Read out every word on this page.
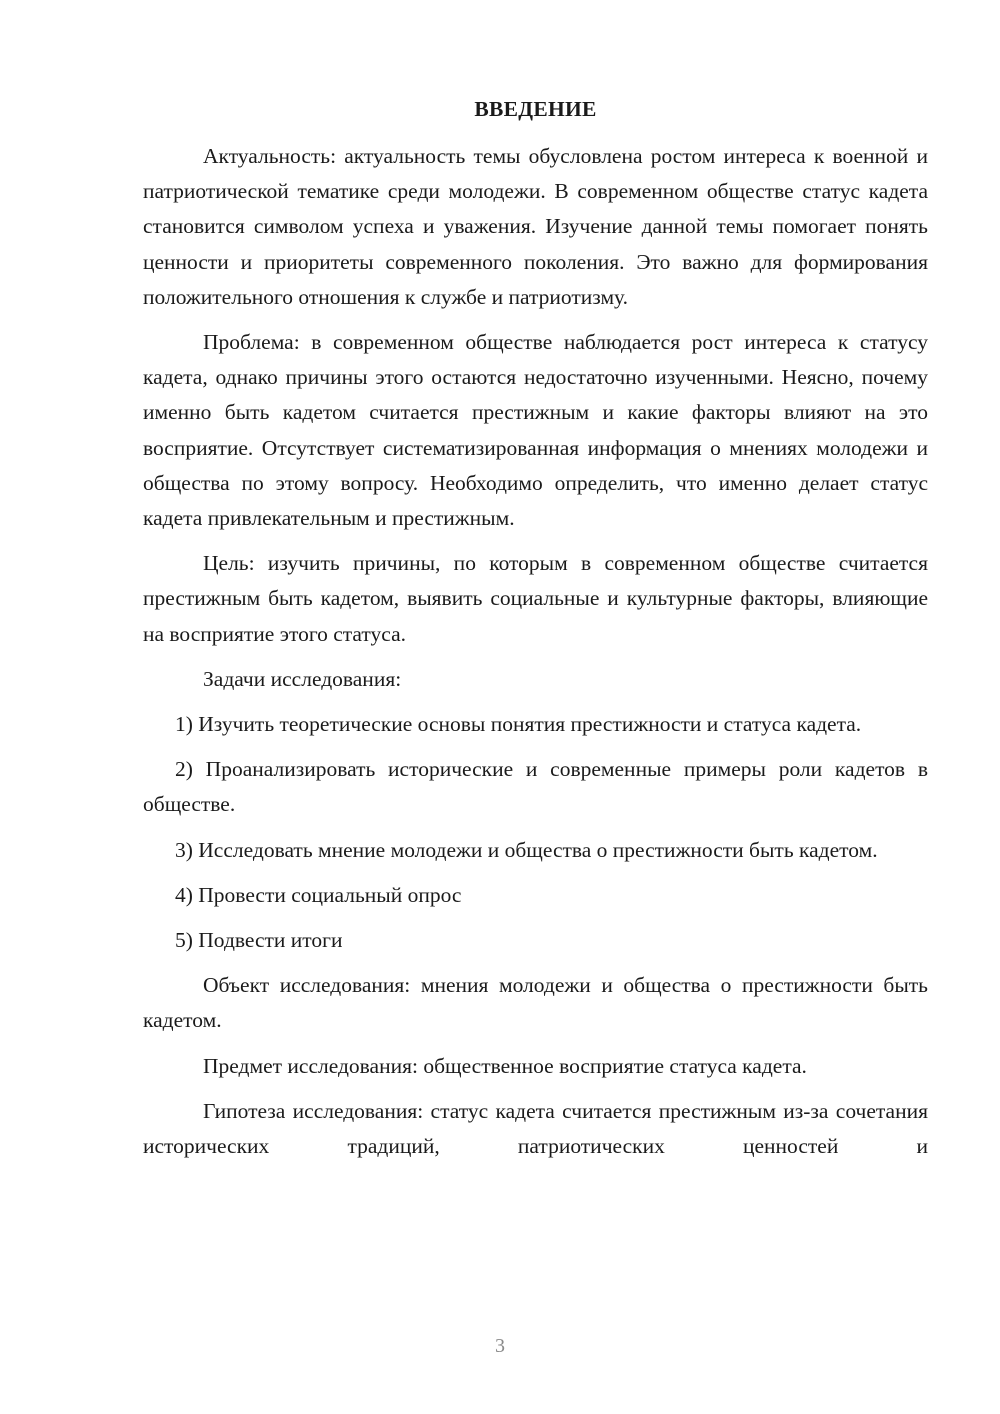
ВВЕДЕНИЕ

Актуальность: актуальность темы обусловлена ростом интереса к военной и патриотической тематике среди молодежи. В современном обществе статус кадета становится символом успеха и уважения. Изучение данной темы помогает понять ценности и приоритеты современного поколения. Это важно для формирования положительного отношения к службе и патриотизму.

Проблема: в современном обществе наблюдается рост интереса к статусу кадета, однако причины этого остаются недостаточно изученными. Неясно, почему именно быть кадетом считается престижным и какие факторы влияют на это восприятие. Отсутствует систематизированная информация о мнениях молодежи и общества по этому вопросу. Необходимо определить, что именно делает статус кадета привлекательным и престижным.

Цель: изучить причины, по которым в современном обществе считается престижным быть кадетом, выявить социальные и культурные факторы, влияющие на восприятие этого статуса.

Задачи исследования:

1) Изучить теоретические основы понятия престижности и статуса кадета.

2) Проанализировать исторические и современные примеры роли кадетов в обществе.

3) Исследовать мнение молодежи и общества о престижности быть кадетом.

4) Провести социальный опрос

5) Подвести итоги

Объект исследования: мнения молодежи и общества о престижности быть кадетом.

Предмет исследования: общественное восприятие статуса кадета.

Гипотеза исследования: статус кадета считается престижным из-за сочетания исторических традиций, патриотических ценностей и

3
